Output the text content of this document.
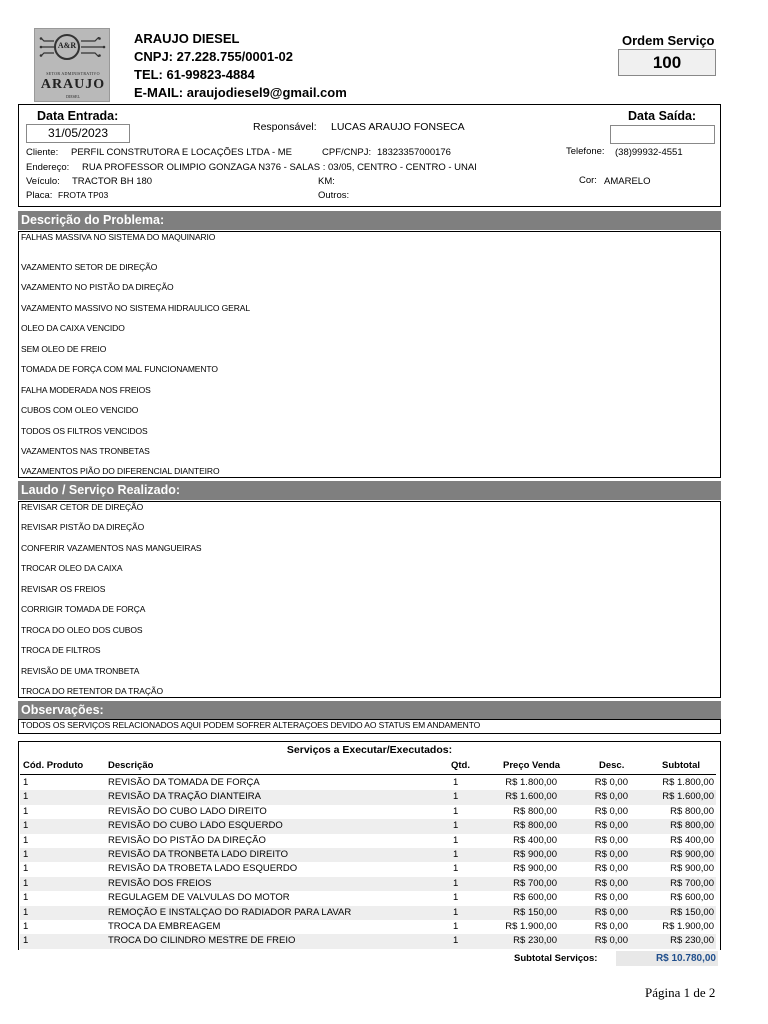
A&R
SETOR ADMINISTRATIVO
ARAUJO
DIESEL
ARAUJO DIESEL
CNPJ: 27.228.755/0001-02
TEL: 61-99823-4884
E-MAIL: araujodiesel9@gmail.com
Ordem Serviço
100
Data Entrada:
31/05/2023
Data Saída:
Responsável: LUCAS ARAUJO FONSECA
Cliente: PERFIL CONSTRUTORA E LOCAÇÕES LTDA - ME	CPF/CNPJ: 18323357000176	Telefone: (38)99932-4551
Endereço: RUA PROFESSOR OLIMPIO GONZAGA N376 - SALAS : 03/05, CENTRO - CENTRO - UNAI
Veículo: TRACTOR BH 180	KM:	Cor: AMARELO
Placa: FROTA TP03	Outros:
Descrição do Problema:
FALHAS MASSIVA NO SISTEMA DO MAQUINARIO
VAZAMENTO SETOR DE DIREÇÃO
VAZAMENTO NO PISTÃO DA DIREÇÃO
VAZAMENTO MASSIVO NO SISTEMA HIDRAULICO GERAL
OLEO DA CAIXA VENCIDO
SEM OLEO DE FREIO
TOMADA DE FORÇA COM MAL FUNCIONAMENTO
FALHA MODERADA NOS FREIOS
CUBOS COM OLEO VENCIDO
TODOS OS FILTROS VENCIDOS
VAZAMENTOS NAS TRONBETAS
VAZAMENTOS PIÃO DO DIFERENCIAL DIANTEIRO
Laudo / Serviço Realizado:
REVISAR CETOR DE DIREÇÃO
REVISAR PISTÃO DA DIREÇÃO
CONFERIR VAZAMENTOS NAS MANGUEIRAS
TROCAR OLEO DA CAIXA
REVISAR OS FREIOS
CORRIGIR TOMADA DE FORÇA
TROCA DO OLEO DOS CUBOS
TROCA DE FILTROS
REVISÃO DE UMA TRONBETA
TROCA DO RETENTOR DA TRAÇÃO
Observações:
TODOS OS SERVIÇOS RELACIONADOS AQUI PODEM SOFRER ALTERAÇOES DEVIDO AO STATUS EM ANDAMENTO
Serviços a Executar/Executados:
Cód. Produto	Descrição	Qtd.	Preço Venda	Desc.	Subtotal
1	REVISÃO DA TOMADA DE FORÇA	1	R$ 1.800,00	R$ 0,00	R$ 1.800,00
1	REVISÃO DA TRAÇÃO DIANTEIRA	1	R$ 1.600,00	R$ 0,00	R$ 1.600,00
1	REVISÃO DO CUBO LADO DIREITO	1	R$ 800,00	R$ 0,00	R$ 800,00
1	REVISÃO DO CUBO LADO ESQUERDO	1	R$ 800,00	R$ 0,00	R$ 800,00
1	REVISÃO DO PISTÃO DA DIREÇÃO	1	R$ 400,00	R$ 0,00	R$ 400,00
1	REVISÃO DA TRONBETA LADO DIREITO	1	R$ 900,00	R$ 0,00	R$ 900,00
1	REVISÃO DA TROBETA LADO ESQUERDO	1	R$ 900,00	R$ 0,00	R$ 900,00
1	REVISÃO DOS FREIOS	1	R$ 700,00	R$ 0,00	R$ 700,00
1	REGULAGEM DE VALVULAS DO MOTOR	1	R$ 600,00	R$ 0,00	R$ 600,00
1	REMOÇÃO E INSTALÇAO DO RADIADOR PARA LAVAR	1	R$ 150,00	R$ 0,00	R$ 150,00
1	TROCA DA EMBREAGEM	1	R$ 1.900,00	R$ 0,00	R$ 1.900,00
1	TROCA DO CILINDRO MESTRE DE FREIO	1	R$ 230,00	R$ 0,00	R$ 230,00
Subtotal Serviços:	R$ 10.780,00
Página 1 de 2
